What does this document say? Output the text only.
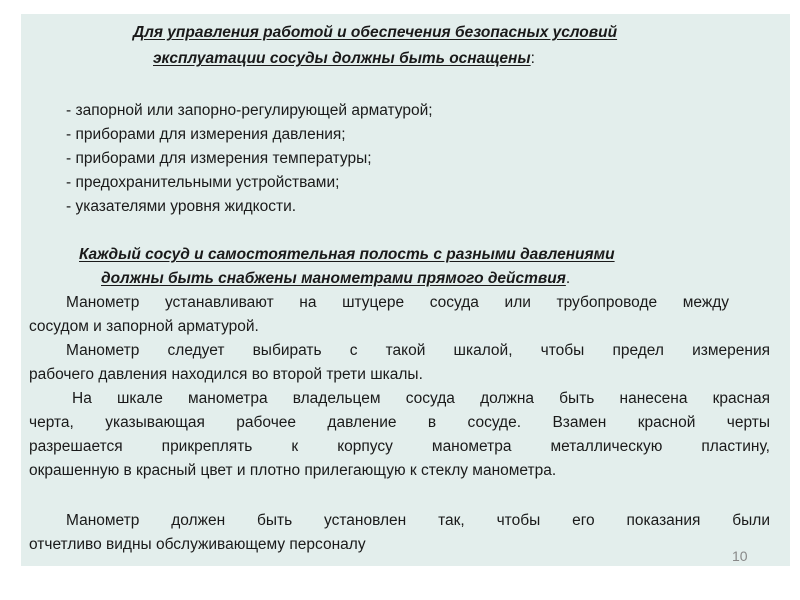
Для управления работой и обеспечения безопасных условий
эксплуатации сосуды должны быть оснащены:
- запорной или запорно-регулирующей арматурой;
- приборами для измерения давления;
- приборами для измерения температуры;
- предохранительными устройствами;
- указателями уровня жидкости.
Каждый сосуд и самостоятельная полость с разными давлениями
должны быть снабжены манометрами прямого действия.
Манометр устанавливают на штуцере сосуда или трубопроводе между
сосудом и запорной арматурой.
Манометр следует выбирать с такой шкалой, чтобы предел измерения
рабочего давления находился во второй трети шкалы.
На шкале манометра владельцем сосуда должна быть нанесена красная
черта, указывающая рабочее давление в сосуде. Взамен красной черты
разрешается прикреплять к корпусу манометра металлическую пластину,
окрашенную в красный цвет и плотно прилегающую к стеклу манометра.
Манометр должен быть установлен так, чтобы его показания были
отчетливо видны обслуживающему персоналу
10
